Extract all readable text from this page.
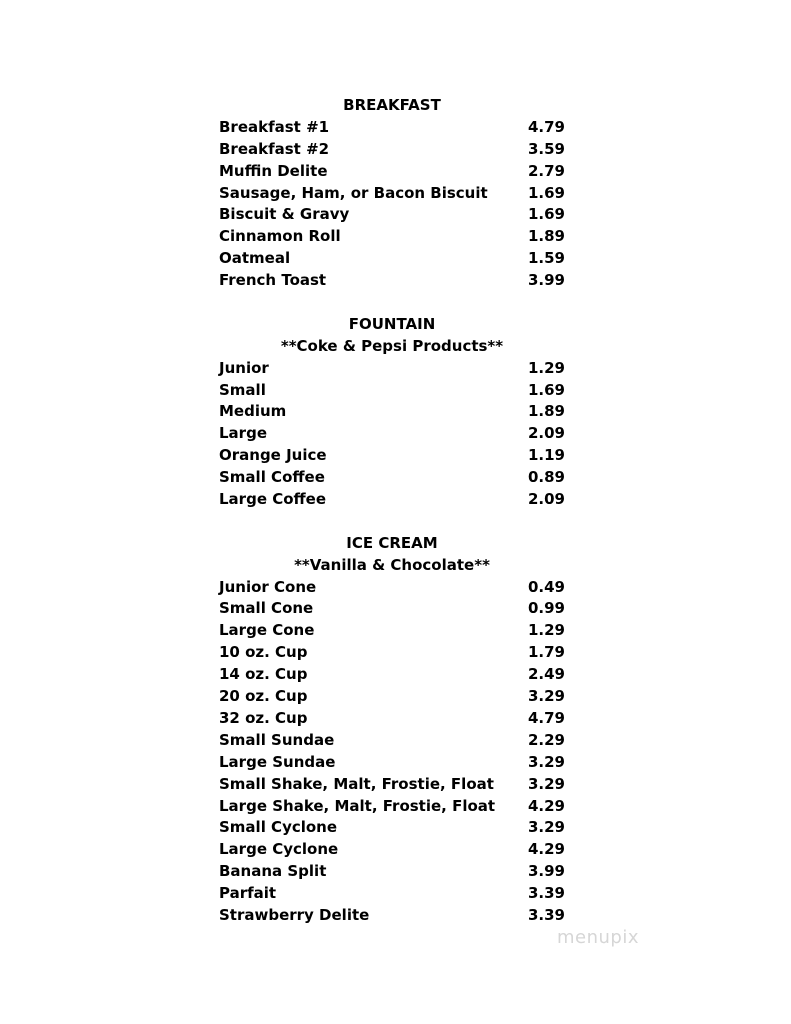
BREAKFAST
Breakfast #1	4.79
Breakfast #2	3.59
Muffin Delite	2.79
Sausage, Ham, or Bacon Biscuit	1.69
Biscuit & Gravy	1.69
Cinnamon Roll	1.89
Oatmeal	1.59
French Toast	3.99
FOUNTAIN
**Coke & Pepsi Products**
Junior	1.29
Small	1.69
Medium	1.89
Large	2.09
Orange Juice	1.19
Small Coffee	0.89
Large Coffee	2.09
ICE CREAM
**Vanilla & Chocolate**
Junior Cone	0.49
Small Cone	0.99
Large Cone	1.29
10 oz. Cup	1.79
14 oz. Cup	2.49
20 oz. Cup	3.29
32 oz. Cup	4.79
Small Sundae	2.29
Large Sundae	3.29
Small Shake, Malt, Frostie, Float 3.29
Large Shake, Malt, Frostie, Float 4.29
Small Cyclone	3.29
Large Cyclone	4.29
Banana Split	3.99
Parfait	3.39
Strawberry Delite	3.39
menupix
